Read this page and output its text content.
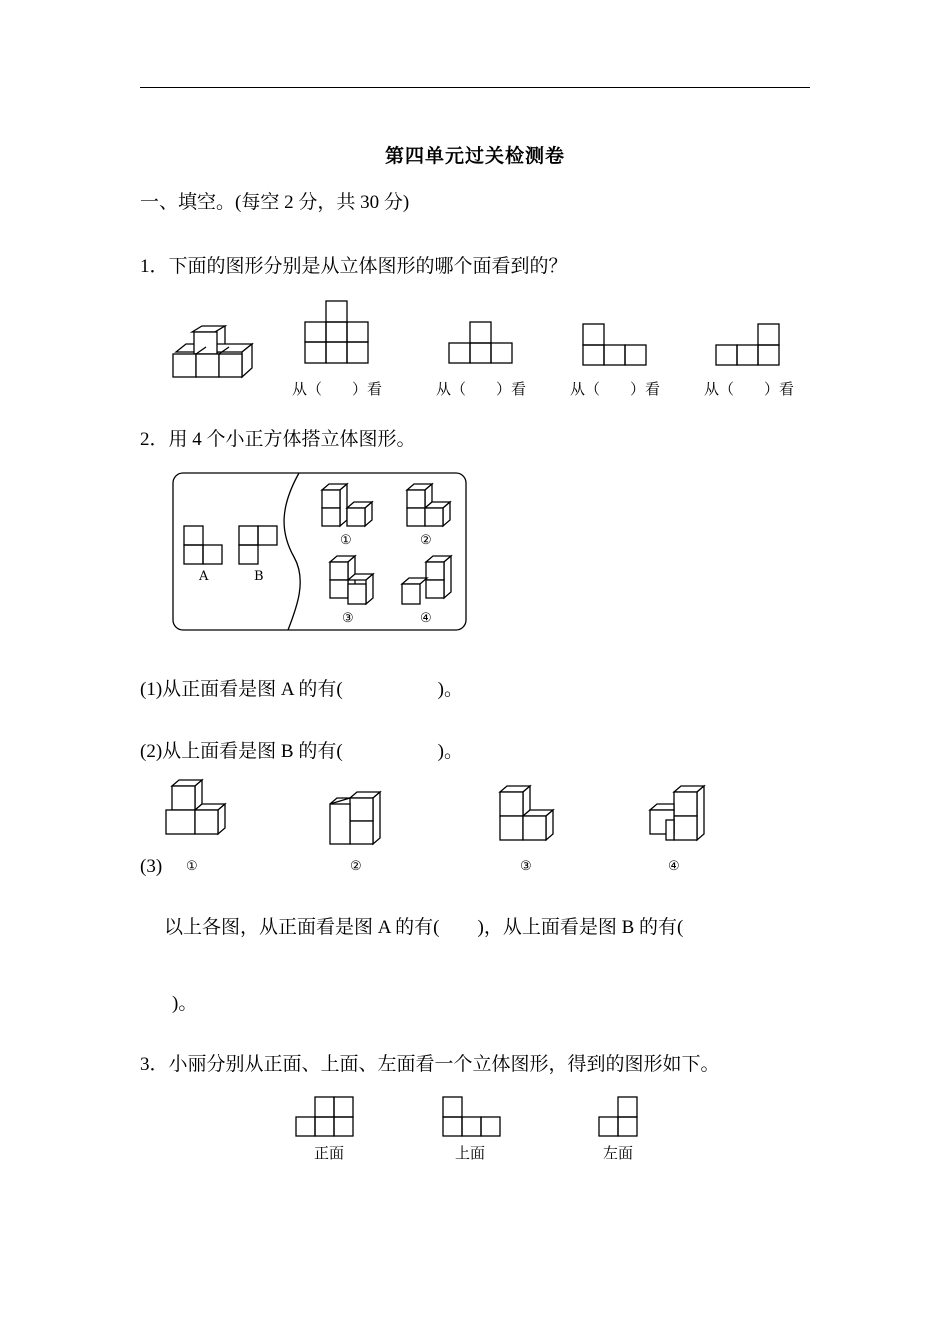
第四单元过关检测卷
一、填空。(每空 2 分，共 30 分)
1．下面的图形分别是从立体图形的哪个面看到的？
从（　　）看	从（　　）看	从（　　）看	从（　　）看
2．用 4 个小正方体搭立体图形。
A	B
①	②
③	④
(1)从正面看是图 A 的有(　　　　　)。
(2)从上面看是图 B 的有(　　　　　)。
①	②	③	④
(3)
以上各图，从正面看是图 A 的有(　　)，从上面看是图 B 的有(
)。
3．小丽分别从正面、上面、左面看一个立体图形，得到的图形如下。
正面	上面	左面
